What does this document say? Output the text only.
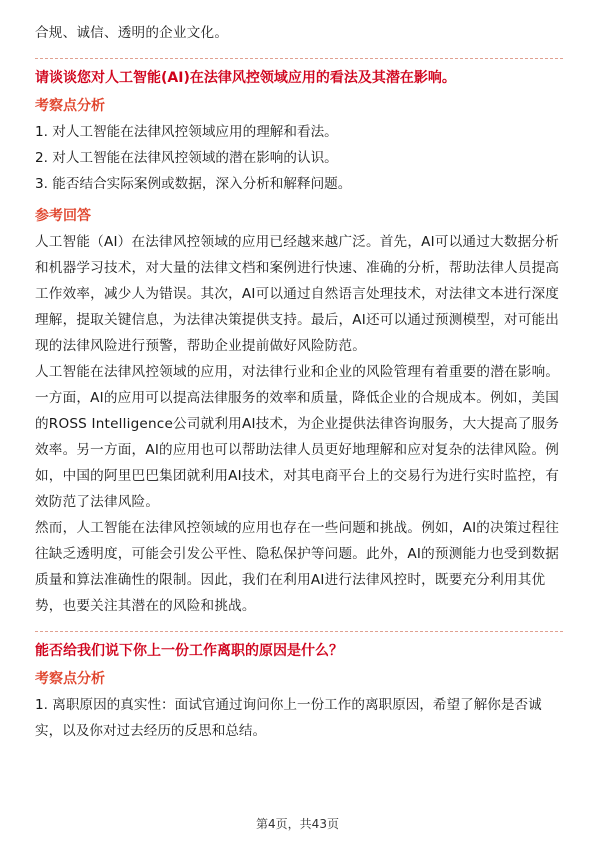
合规、诚信、透明的企业文化。

请谈谈您对人工智能(AI)在法律风控领域应用的看法及其潜在影响。

考察点分析

1. 对人工智能在法律风控领域应用的理解和看法。

2. 对人工智能在法律风控领域的潜在影响的认识。

3. 能否结合实际案例或数据，深入分析和解释问题。

参考回答

人工智能（AI）在法律风控领域的应用已经越来越广泛。首先，AI可以通过大数据分析和机器学习技术，对大量的法律文档和案例进行快速、准确的分析，帮助法律人员提高工作效率，减少人为错误。其次，AI可以通过自然语言处理技术，对法律文本进行深度理解，提取关键信息，为法律决策提供支持。最后，AI还可以通过预测模型，对可能出现的法律风险进行预警，帮助企业提前做好风险防范。

人工智能在法律风控领域的应用，对法律行业和企业的风险管理有着重要的潜在影响。一方面，AI的应用可以提高法律服务的效率和质量，降低企业的合规成本。例如，美国的ROSS Intelligence公司就利用AI技术，为企业提供法律咨询服务，大大提高了服务效率。另一方面，AI的应用也可以帮助法律人员更好地理解和应对复杂的法律风险。例如，中国的阿里巴巴集团就利用AI技术，对其电商平台上的交易行为进行实时监控，有效防范了法律风险。

然而，人工智能在法律风控领域的应用也存在一些问题和挑战。例如，AI的决策过程往往缺乏透明度，可能会引发公平性、隐私保护等问题。此外，AI的预测能力也受到数据质量和算法准确性的限制。因此，我们在利用AI进行法律风控时，既要充分利用其优势，也要关注其潜在的风险和挑战。

能否给我们说下你上一份工作离职的原因是什么？

考察点分析

1. 离职原因的真实性：面试官通过询问你上一份工作的离职原因，希望了解你是否诚实，以及你对过去经历的反思和总结。

第4页，共43页
